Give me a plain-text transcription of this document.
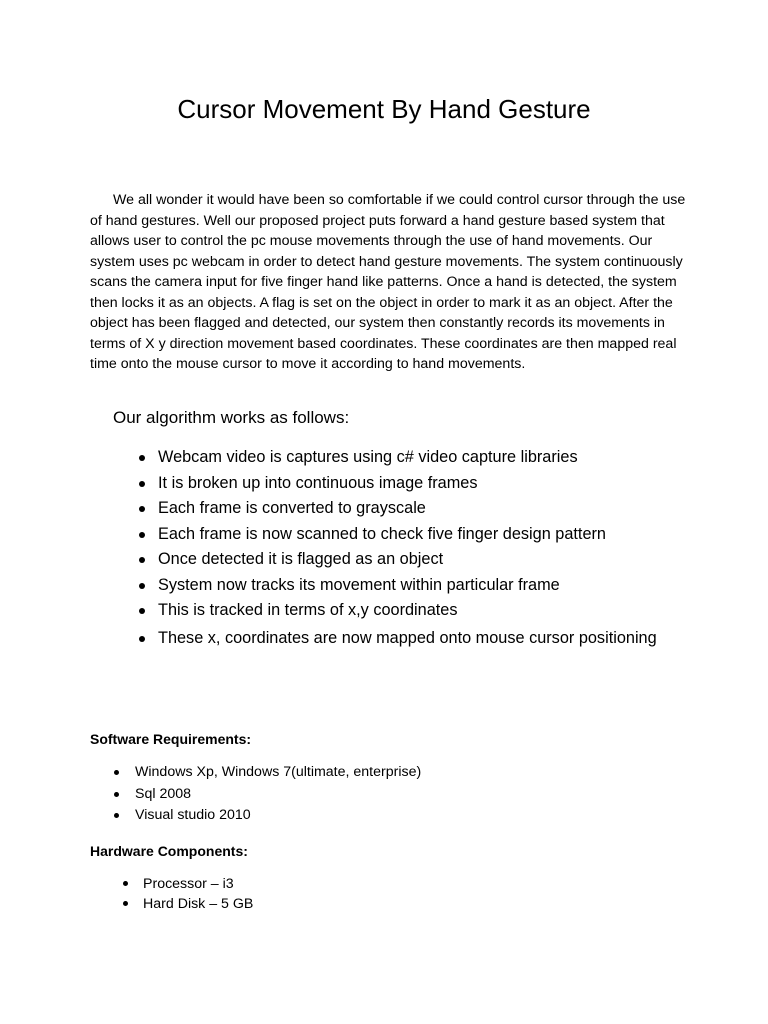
Cursor Movement By Hand Gesture

We all wonder it would have been so comfortable if we could control cursor through the use of hand gestures. Well our proposed project puts forward a hand gesture based system that allows user to control the pc mouse movements through the use of hand movements. Our system uses pc webcam in order to detect hand gesture movements. The system continuously scans the camera input for five finger hand like patterns. Once a hand is detected, the system then locks it as an objects. A flag is set on the object in order to mark it as an object. After the object has been flagged and detected, our system then constantly records its movements in terms of X y direction movement based coordinates. These coordinates are then mapped real time onto the mouse cursor to move it according to hand movements.

Our algorithm works as follows:

Webcam video is captures using c# video capture libraries
It is broken up into continuous image frames
Each frame is converted to grayscale
Each frame is now scanned to check five finger design pattern
Once detected it is flagged as an object
System now tracks its movement within particular frame
This is tracked in terms of x,y coordinates
These x, coordinates are now mapped onto mouse cursor positioning

Software Requirements:

Windows Xp, Windows 7(ultimate, enterprise)
Sql 2008
Visual studio 2010

Hardware Components:

Processor – i3
Hard Disk – 5 GB
